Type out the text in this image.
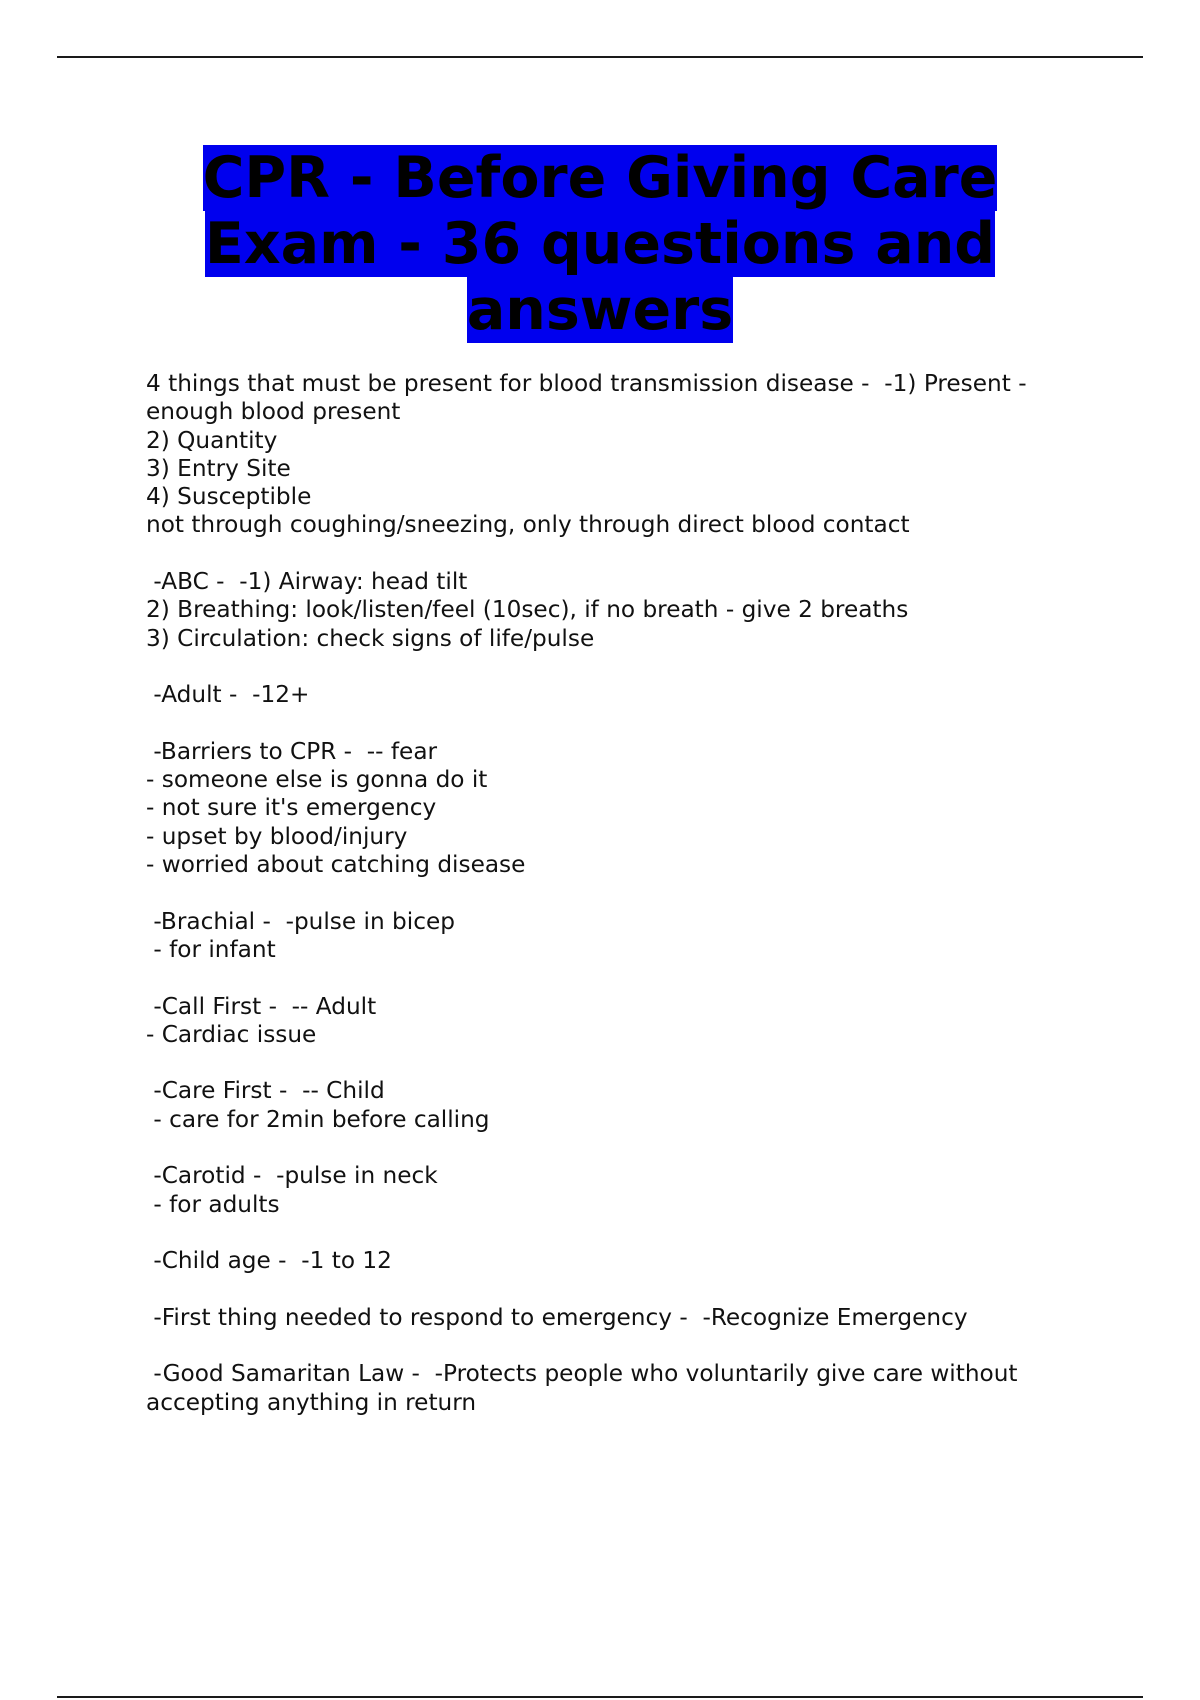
CPR - Before Giving Care Exam - 36 questions and answers
4 things that must be present for blood transmission disease -  -1) Present - enough blood present
2) Quantity
3) Entry Site
4) Susceptible
not through coughing/sneezing, only through direct blood contact
-ABC -  -1) Airway: head tilt
2) Breathing: look/listen/feel (10sec), if no breath - give 2 breaths
3) Circulation: check signs of life/pulse
-Adult -  -12+
-Barriers to CPR -  -- fear
- someone else is gonna do it
- not sure it's emergency
- upset by blood/injury
- worried about catching disease
-Brachial -  -pulse in bicep
- for infant
-Call First -  -- Adult
- Cardiac issue
-Care First -  -- Child
- care for 2min before calling
-Carotid -  -pulse in neck
- for adults
-Child age -  -1 to 12
-First thing needed to respond to emergency -  -Recognize Emergency
-Good Samaritan Law -  -Protects people who voluntarily give care without accepting anything in return
